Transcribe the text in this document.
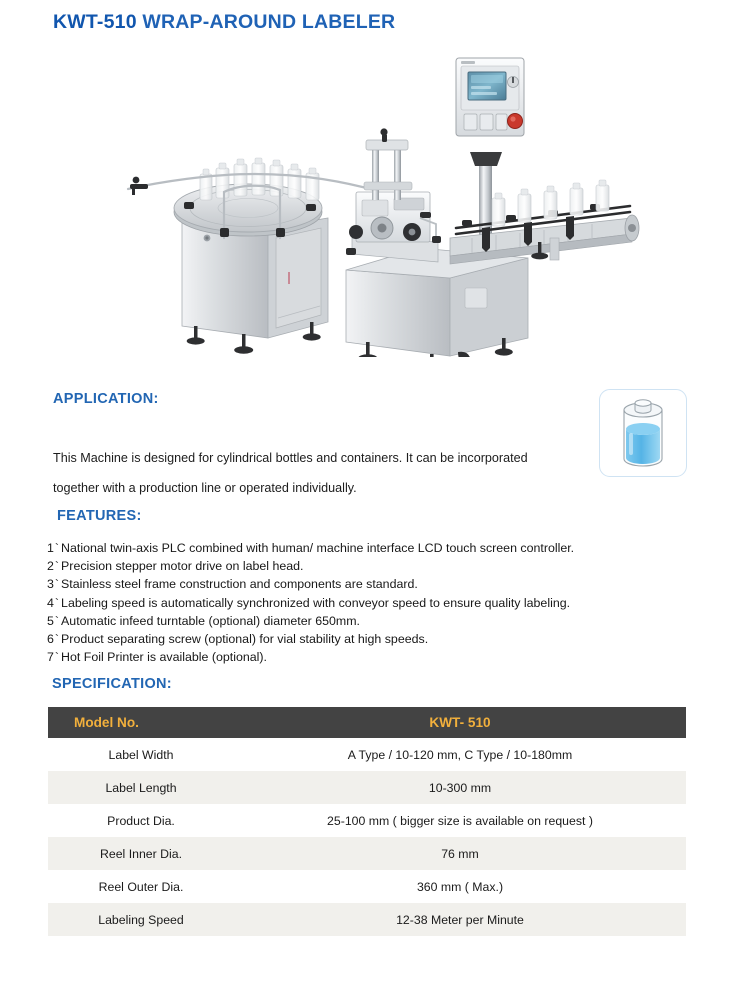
KWT-510 WRAP-AROUND LABELER
APPLICATION:
This Machine is designed for cylindrical bottles and containers. It can be incorporated
together with a production line or operated individually.
FEATURES:
1` National twin-axis PLC combined with human/ machine interface LCD touch screen controller.
2` Precision stepper motor drive on label head.
3` Stainless steel frame construction and components are standard.
4` Labeling speed is automatically synchronized with conveyor speed to ensure quality labeling.
5` Automatic infeed turntable (optional) diameter 650mm.
6` Product separating screw (optional) for vial stability at high speeds.
7` Hot Foil Printer is available (optional).
SPECIFICATION:
Model No.	KWT- 510
Label Width	A Type / 10-120 mm, C Type / 10-180mm
Label Length	10-300 mm
Product Dia.	25-100 mm ( bigger size is available on request )
Reel Inner Dia.	76 mm
Reel Outer Dia.	360 mm ( Max.)
Labeling Speed	12-38 Meter per Minute
